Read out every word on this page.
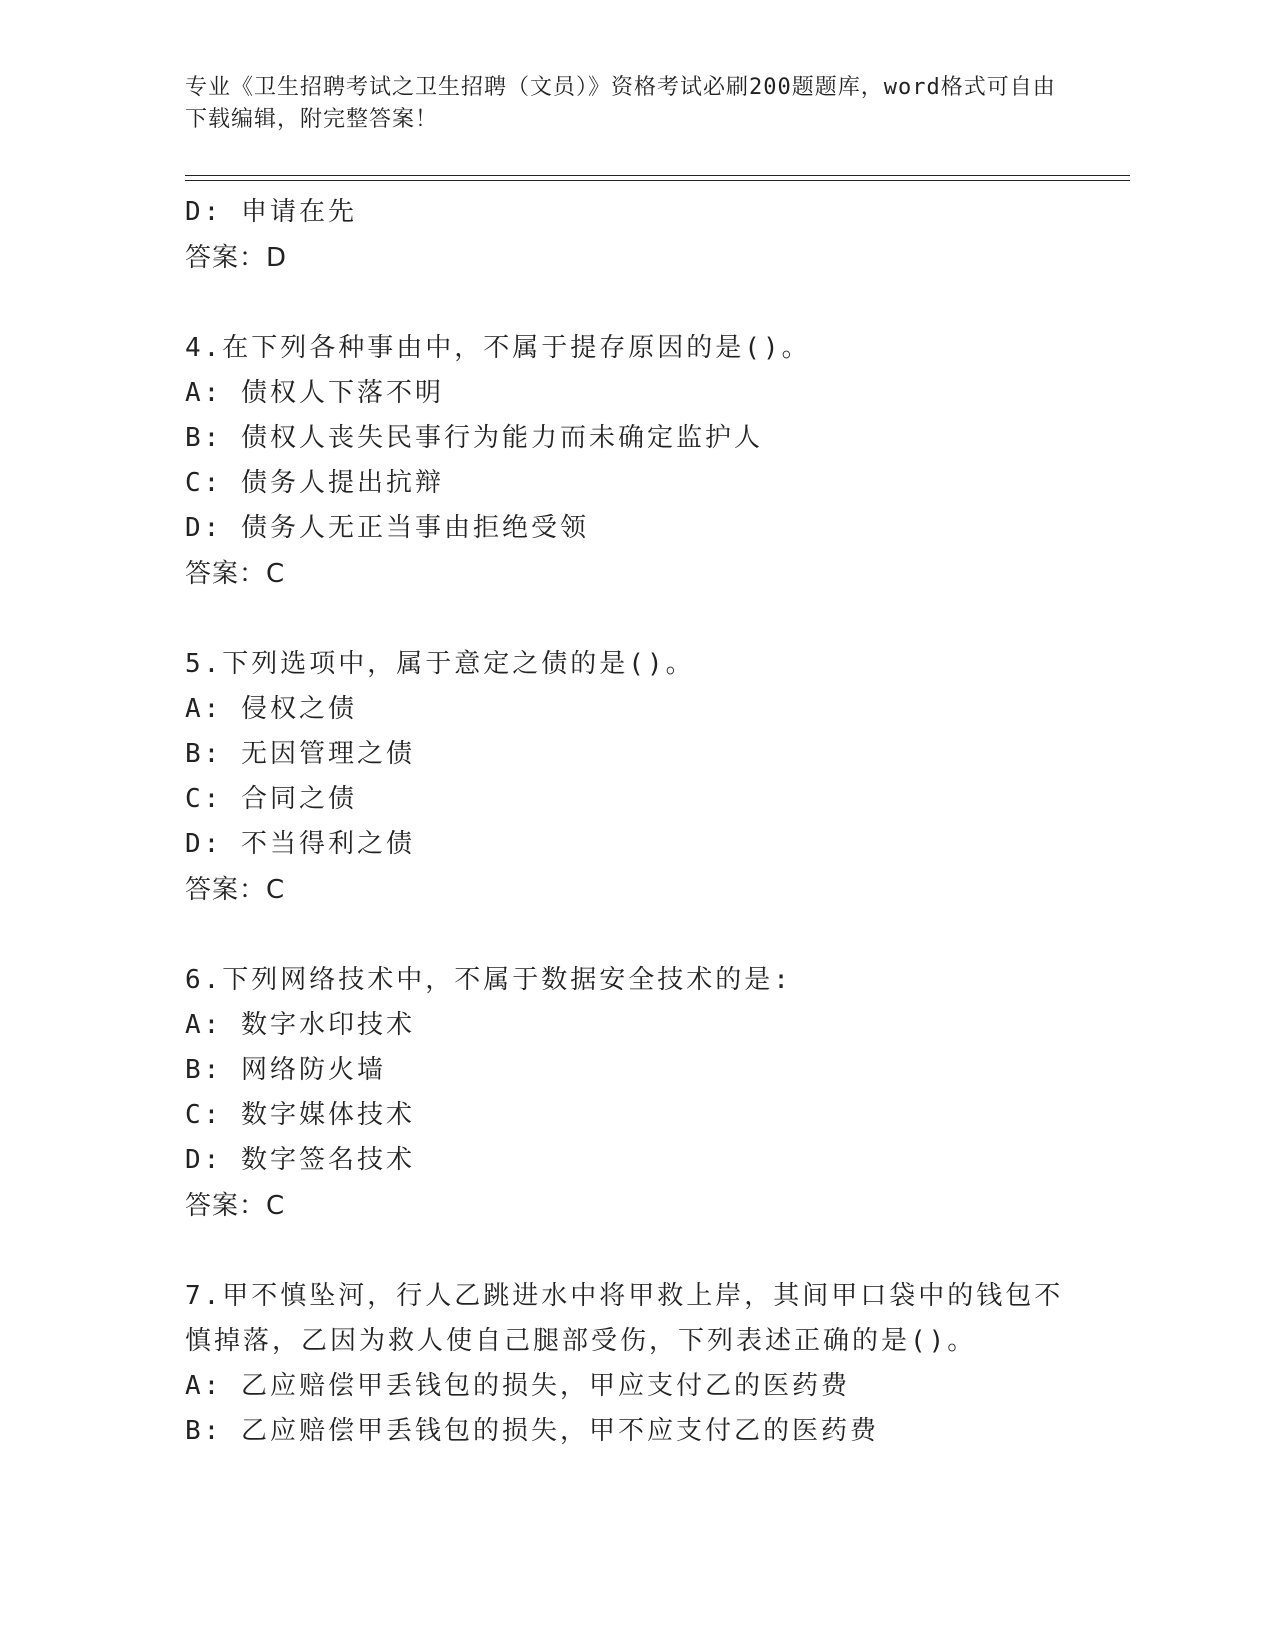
专业《卫生招聘考试之卫生招聘（文员）》资格考试必刷200题题库，word格式可自由下载编辑，附完整答案！
D: 申请在先
答案：D
4.在下列各种事由中，不属于提存原因的是()。
A: 债权人下落不明
B: 债权人丧失民事行为能力而未确定监护人
C: 债务人提出抗辩
D: 债务人无正当事由拒绝受领
答案：C
5.下列选项中，属于意定之债的是()。
A: 侵权之债
B: 无因管理之债
C: 合同之债
D: 不当得利之债
答案：C
6.下列网络技术中，不属于数据安全技术的是:
A: 数字水印技术
B: 网络防火墙
C: 数字媒体技术
D: 数字签名技术
答案：C
7.甲不慎坠河，行人乙跳进水中将甲救上岸，其间甲口袋中的钱包不慎掉落，乙因为救人使自己腿部受伤，下列表述正确的是()。
A: 乙应赔偿甲丢钱包的损失，甲应支付乙的医药费
B: 乙应赔偿甲丢钱包的损失，甲不应支付乙的医药费
